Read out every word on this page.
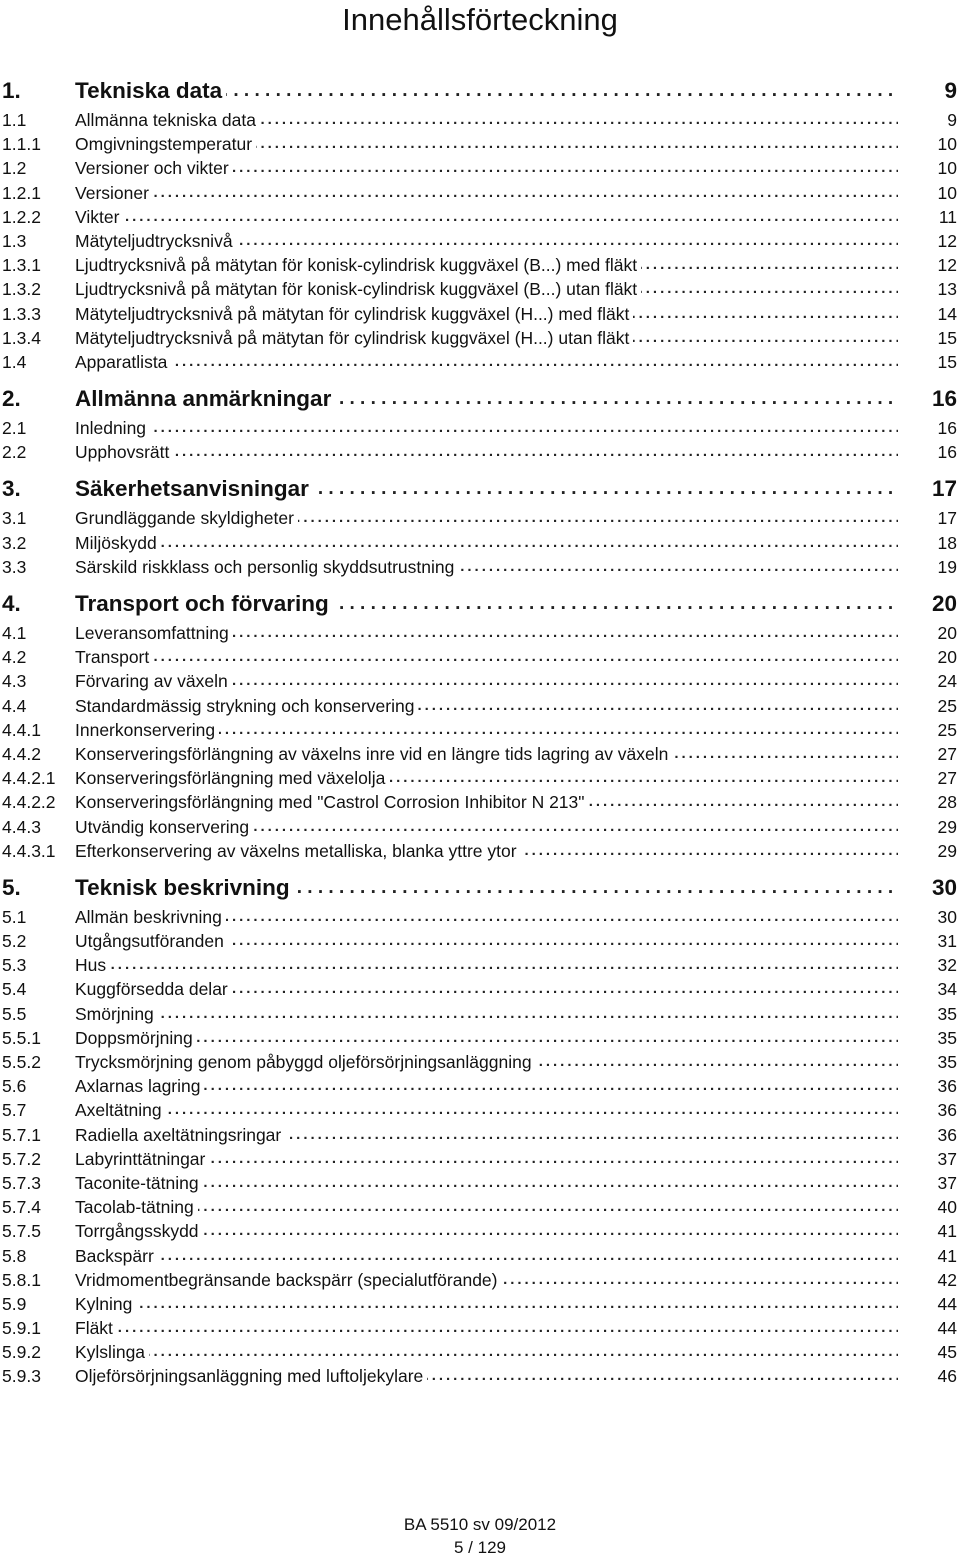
Innehållsförteckning
1. Tekniska data . . .	9
1.1	Allmänna tekniska data . . .	9
1.1.1 Omgivningstemperatur . . .	10
1.2	Versioner och vikter . . .	10
1.2.1 Versioner . . .	10
1.2.2 Vikter . . .	11
1.3	Mätyteljudtrycksnivå . . .	12
1.3.1 Ljudtrycksnivå på mätytan för konisk-cylindrisk kuggväxel (B...) med fläkt . . .	12
1.3.2 Ljudtrycksnivå på mätytan för konisk-cylindrisk kuggväxel (B...) utan fläkt . . .	13
1.3.3 Mätyteljudtrycksnivå på mätytan för cylindrisk kuggväxel (H...) med fläkt . . .	14
1.3.4 Mätyteljudtrycksnivå på mätytan för cylindrisk kuggväxel (H...) utan fläkt . . .	15
1.4	Apparatlista . . .	15
2. Allmänna anmärkningar . . .	16
2.1	Inledning . . .	16
2.2	Upphovsrätt . . .	16
3. Säkerhetsanvisningar . . .	17
3.1	Grundläggande skyldigheter . . .	17
3.2	Miljöskydd . . .	18
3.3	Särskild riskklass och personlig skyddsutrustning . . .	19
4. Transport och förvaring . . .	20
4.1	Leveransomfattning . . .	20
4.2	Transport . . .	20
4.3	Förvaring av växeln . . .	24
4.4	Standardmässig strykning och konservering . . .	25
4.4.1 Innerkonservering . . .	25
4.4.2 Konserveringsförlängning av växelns inre vid en längre tids lagring av växeln . . .	27
4.4.2.1 Konserveringsförlängning med växelolja . . .	27
4.4.2.2 Konserveringsförlängning med "Castrol Corrosion Inhibitor N 213" . . .	28
4.4.3 Utvändig konservering . . .	29
4.4.3.1 Efterkonservering av växelns metalliska, blanka yttre ytor . . .	29
5. Teknisk beskrivning . . .	30
5.1	Allmän beskrivning . . .	30
5.2	Utgångsutföranden . . .	31
5.3	Hus . . .	32
5.4	Kuggförsedda delar . . .	34
5.5	Smörjning . . .	35
5.5.1 Doppsmörjning . . .	35
5.5.2 Trycksmörjning genom påbyggd oljeförsörjningsanläggning . . .	35
5.6	Axlarnas lagring . . .	36
5.7	Axeltätning . . .	36
5.7.1 Radiella axeltätningsringar . . .	36
5.7.2 Labyrinttätningar . . .	37
5.7.3 Taconite-tätning . . .	37
5.7.4 Tacolab-tätning . . .	40
5.7.5 Torrgångsskydd . . .	41
5.8	Backspärr . . .	41
5.8.1 Vridmomentbegränsande backspärr (specialutförande) . . .	42
5.9	Kylning . . .	44
5.9.1 Fläkt . . .	44
5.9.2 Kylslinga . . .	45
5.9.3 Oljeförsörjningsanläggning med luftoljekylare . . .	46
BA 5510 sv 09/2012
5 / 129
